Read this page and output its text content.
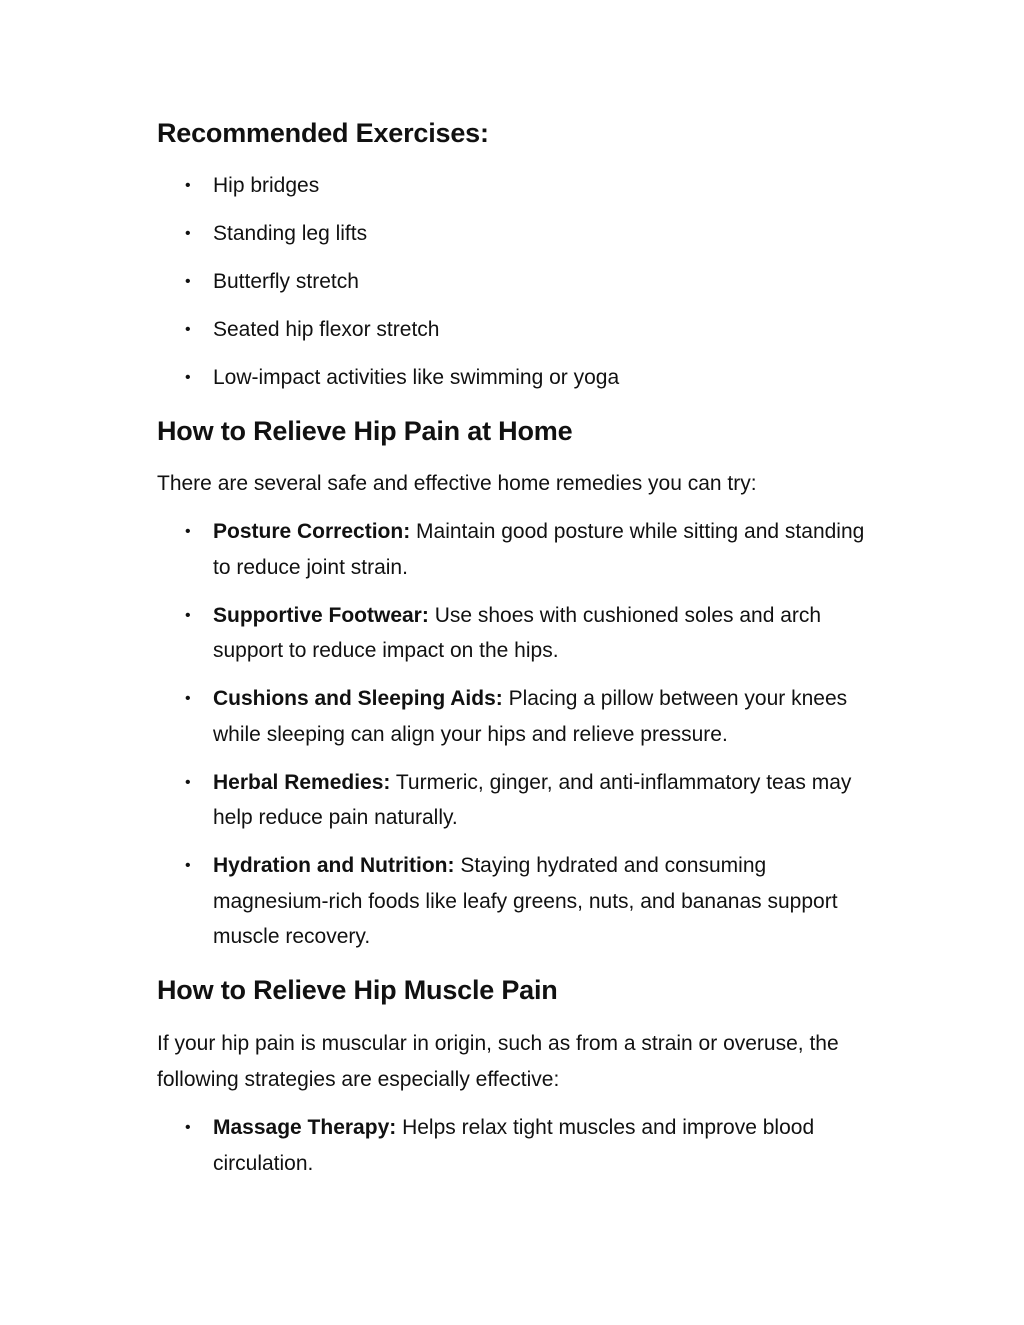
Recommended Exercises:
• Hip bridges
• Standing leg lifts
• Butterfly stretch
• Seated hip flexor stretch
• Low-impact activities like swimming or yoga
How to Relieve Hip Pain at Home

There are several safe and effective home remedies you can try:

• Posture Correction: Maintain good posture while sitting and standing to reduce joint strain.
• Supportive Footwear: Use shoes with cushioned soles and arch support to reduce impact on the hips.
• Cushions and Sleeping Aids: Placing a pillow between your knees while sleeping can align your hips and relieve pressure.
• Herbal Remedies: Turmeric, ginger, and anti-inflammatory teas may help reduce pain naturally.
• Hydration and Nutrition: Staying hydrated and consuming magnesium-rich foods like leafy greens, nuts, and bananas support muscle recovery.
How to Relieve Hip Muscle Pain

If your hip pain is muscular in origin, such as from a strain or overuse, the following strategies are especially effective:

• Massage Therapy: Helps relax tight muscles and improve blood circulation.
